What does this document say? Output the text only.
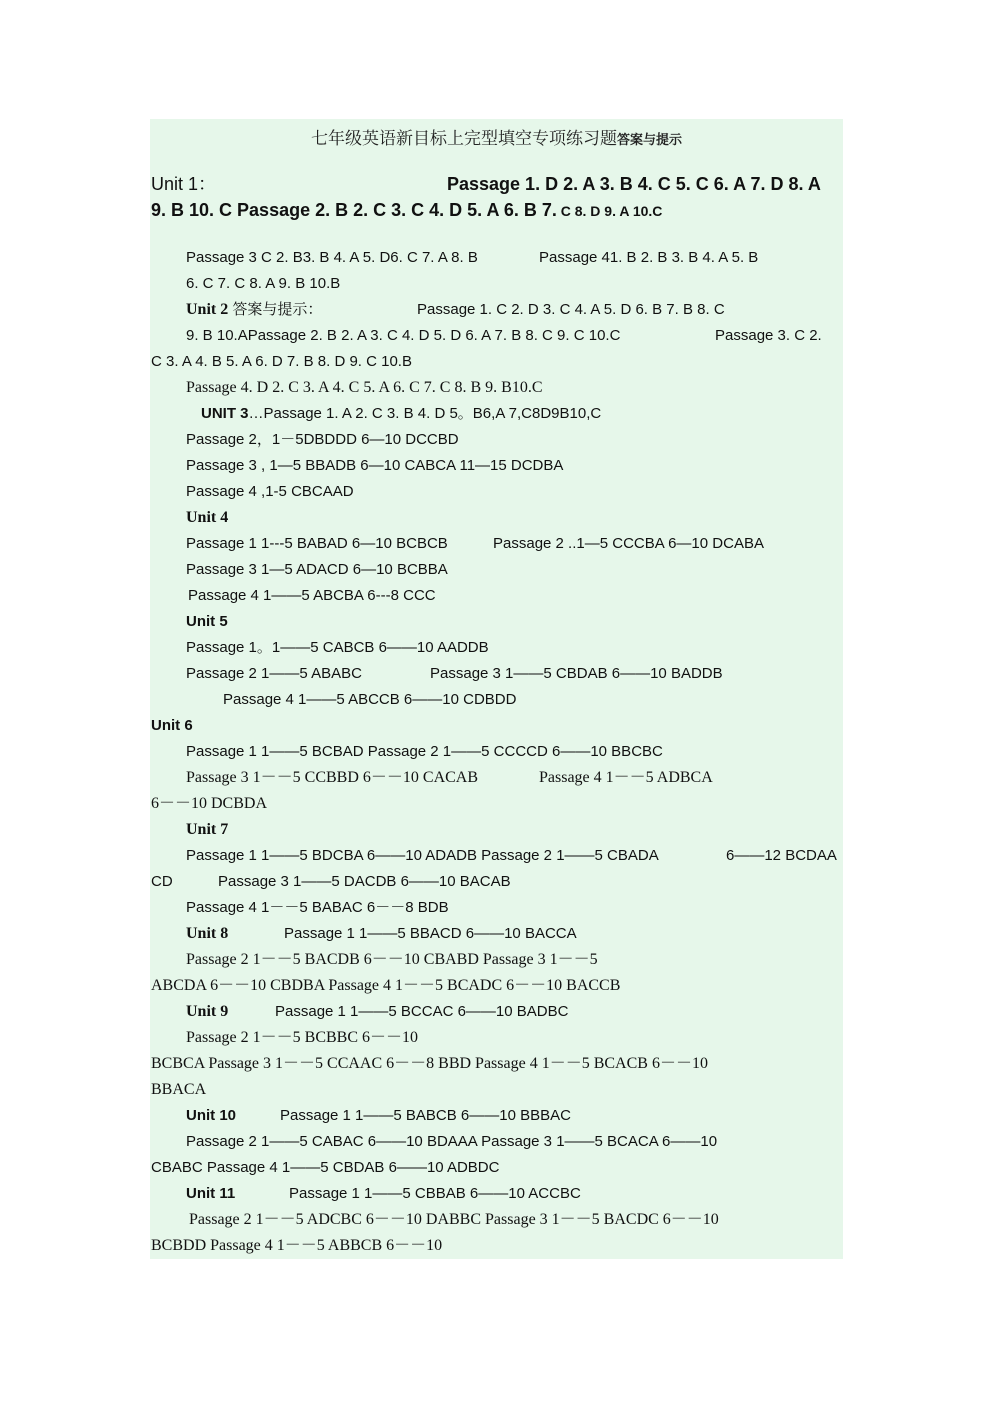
七年级英语新目标上完型填空专项练习题答案与提示
Unit 1：	Passage 1. D 2. A 3. B 4. C 5. C 6. A 7. D 8. A
9. B 10. C Passage 2. B 2. C 3. C 4. D 5. A 6. B 7. C 8. D 9. A 10.C
Passage 3 C 2. B3. B 4. A 5. D6. C 7. A 8. B	Passage 41. B 2. B 3. B 4. A 5. B
6. C 7. C 8. A 9. B 10.B
Unit 2 答案与提示：	Passage 1. C 2. D 3. C 4. A 5. D 6. B 7. B 8. C
9. B 10.APassage 2. B 2. A 3. C 4. D 5. D 6. A 7. B 8. C 9. C 10.C	Passage 3. C 2.
C 3. A 4. B 5. A 6. D 7. B 8. D 9. C 10.B
Passage 4. D 2. C 3. A 4. C 5. A 6. C 7. C 8. B 9. B10.C
UNIT 3…Passage 1. A 2. C 3. B 4. D 5。B6,A 7,C8D9B10,C
Passage 2，1－5DBDDD 6—10 DCCBD
Passage 3 , 1—5 BBADB 6—10 CABCA 11—15 DCDBA
Passage 4 ,1-5 CBCAAD
Unit 4
Passage 1 1---5 BABAD 6—10 BCBCB	Passage 2 ..1—5 CCCBA 6—10 DCABA
Passage 3 1—5 ADACD 6—10 BCBBA
Passage 4 1——5 ABCBA 6---8 CCC
Unit 5
Passage 1。1——5 CABCB 6——10 AADDB
Passage 2 1——5 ABABC	Passage 3 1——5 CBDAB 6——10 BADDB
Passage 4 1——5 ABCCB 6——10 CDBDD
Unit 6
Passage 1 1——5 BCBAD Passage 2 1——5 CCCCD 6——10 BBCBC
Passage 3 1－－5 CCBBD 6－－10 CACAB	Passage 4 1－－5 ADBCA
6－－10 DCBDA
Unit 7
Passage 1 1——5 BDCBA 6——10 ADADB Passage 2 1——5 CBADA	6——12 BCDAA
CD	Passage 3 1——5 DACDB 6——10 BACAB
Passage 4 1－－5 BABAC 6－－8 BDB
Unit 8	Passage 1 1——5 BBACD 6——10 BACCA
Passage 2 1－－5 BACDB 6－－10 CBABD Passage 3 1－－5
ABCDA 6－－10 CBDBA Passage 4 1－－5 BCADC 6－－10 BACCB
Unit 9	Passage 1 1——5 BCCAC 6——10 BADBC
Passage 2 1－－5 BCBBC 6－－10
BCBCA Passage 3 1－－5 CCAAC 6－－8 BBD Passage 4 1－－5 BCACB 6－－10
BBACA
Unit 10	Passage 1 1——5 BABCB 6——10 BBBAC
Passage 2 1——5 CABAC 6——10 BDAAA Passage 3 1——5 BCACA 6——10
CBABC Passage 4 1——5 CBDAB 6——10 ADBDC
Unit 11	Passage 1 1——5 CBBAB 6——10 ACCBC
Passage 2 1－－5 ADCBC 6－－10 DABBC Passage 3 1－－5 BACDC 6－－10
BCBDD Passage 4 1－－5 ABBCB 6－－10
